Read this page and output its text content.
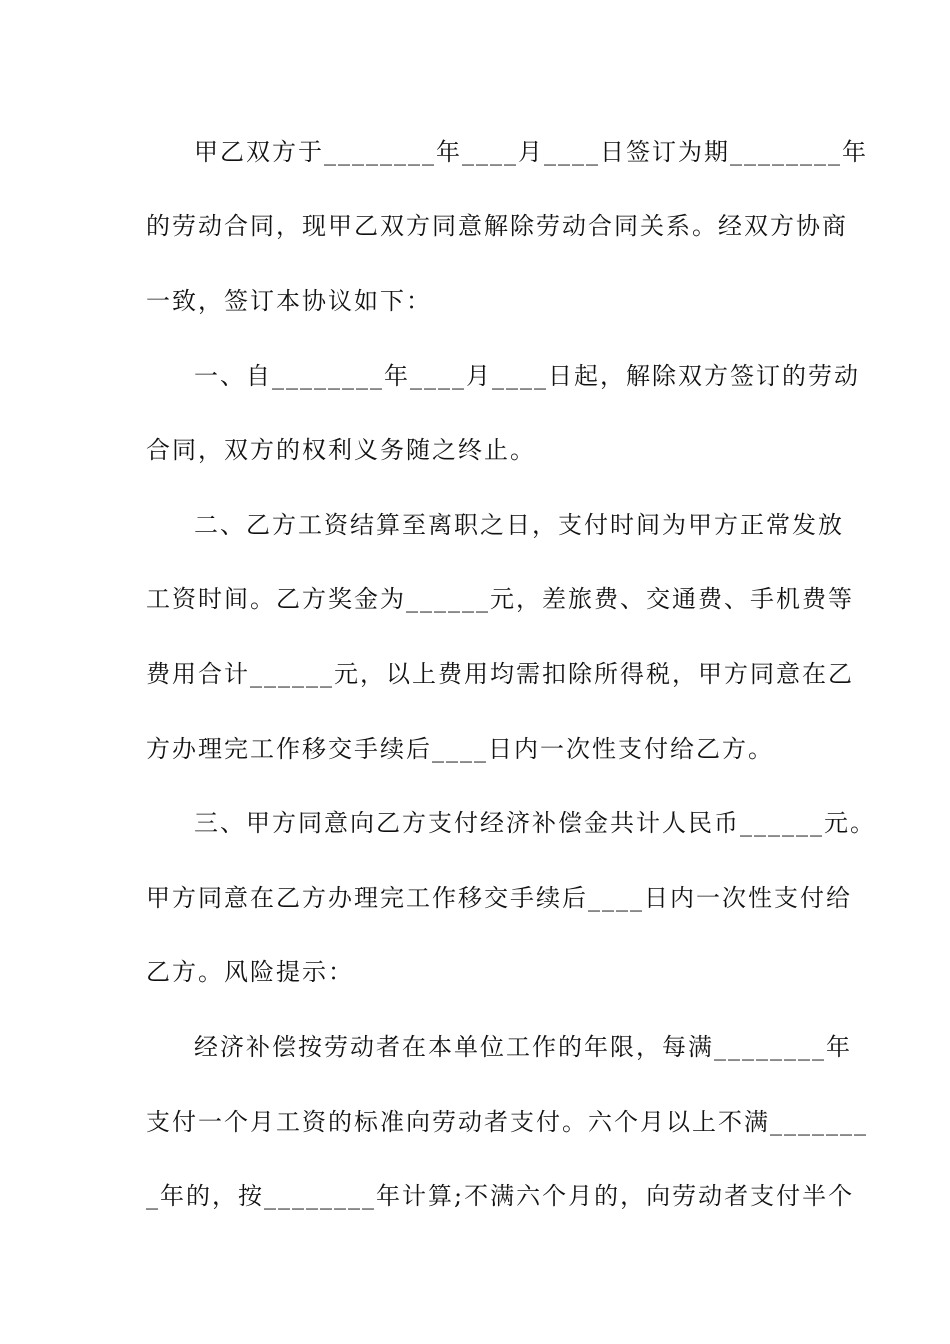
甲乙双方于________年____月____日签订为期________年
的劳动合同，现甲乙双方同意解除劳动合同关系。经双方协商
一致，签订本协议如下：
一、自________年____月____日起，解除双方签订的劳动
合同，双方的权利义务随之终止。
二、乙方工资结算至离职之日，支付时间为甲方正常发放
工资时间。乙方奖金为______元，差旅费、交通费、手机费等
费用合计______元，以上费用均需扣除所得税，甲方同意在乙
方办理完工作移交手续后____日内一次性支付给乙方。
三、甲方同意向乙方支付经济补偿金共计人民币______元。
甲方同意在乙方办理完工作移交手续后____日内一次性支付给
乙方。风险提示：
经济补偿按劳动者在本单位工作的年限，每满________年
支付一个月工资的标准向劳动者支付。六个月以上不满_______
_年的，按________年计算;不满六个月的，向劳动者支付半个
